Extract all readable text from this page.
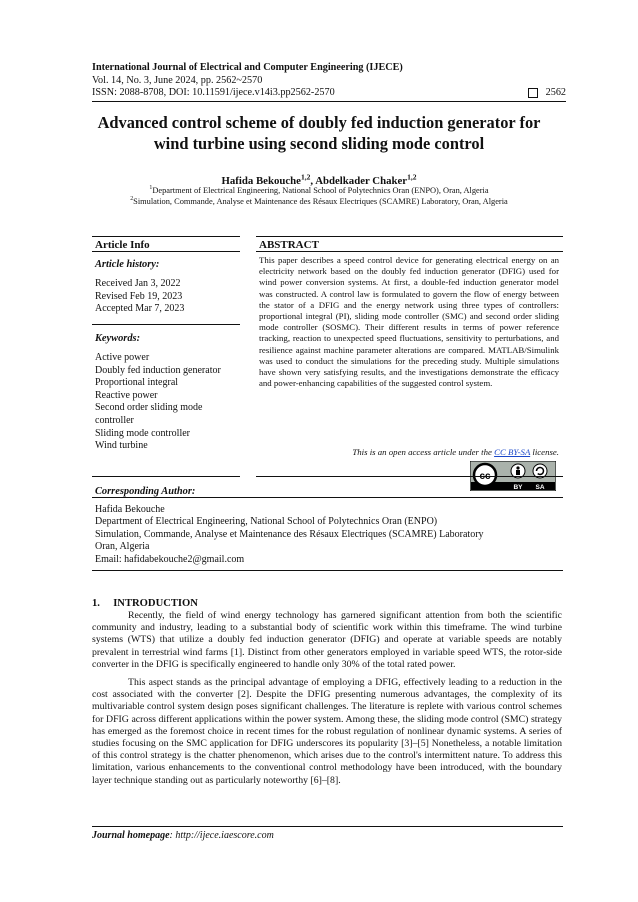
International Journal of Electrical and Computer Engineering (IJECE)
Vol. 14, No. 3, June 2024, pp. 2562~2570
ISSN: 2088-8708, DOI: 10.11591/ijece.v14i3.pp2562-2570	2562
Advanced control scheme of doubly fed induction generator for wind turbine using second sliding mode control
Hafida Bekouche$^{1,2}$, Abdelkader Chaker$^{1,2}$
$^1$Department of Electrical Engineering, National School of Polytechnics Oran (ENPO), Oran, Algeria
$^2$Simulation, Commande, Analyse et Maintenance des Résaux Electriques (SCAMRE) Laboratory, Oran, Algeria
Article Info	ABSTRACT
Article history:
Received Jan 3, 2022
Revised Feb 19, 2023
Accepted Mar 7, 2023
Keywords:
Active power
Doubly fed induction generator
Proportional integral
Reactive power
Second order sliding mode
controller
Sliding mode controller
Wind turbine
This paper describes a speed control device for generating electrical energy on an electricity network based on the doubly fed induction generator (DFIG) used for wind power conversion systems. At first, a double-fed induction generator model was constructed. A control law is formulated to govern the flow of energy between the stator of a DFIG and the energy network using three types of controllers: proportional integral (PI), sliding mode controller (SMC) and second order sliding mode controller (SOSMC). Their different results in terms of power reference tracking, reaction to unexpected speed fluctuations, sensitivity to perturbations, and resilience against machine parameter alterations are compared. MATLAB/Simulink was used to conduct the simulations for the preceding study. Multiple simulations have shown very satisfying results, and the investigations demonstrate the efficacy and power-enhancing capabilities of the suggested control system.
This is an open access article under the CC BY-SA license.
BY SA
Corresponding Author:
Hafida Bekouche
Department of Electrical Engineering, National School of Polytechnics Oran (ENPO)
Simulation, Commande, Analyse et Maintenance des Résaux Electriques (SCAMRE) Laboratory
Oran, Algeria
Email: hafidabekouche2@gmail.com
1.     INTRODUCTION

Recently, the field of wind energy technology has garnered significant attention from both the scientific community and industry, leading to a substantial body of scientific work within this timeframe. The wind turbine systems (WTS) that utilize a doubly fed induction generator (DFIG) and operate at variable speeds are notably prevalent in terrestrial wind farms [1]. Distinct from other generators employed in variable speed WTS, the rotor-side converter in the DFIG is specifically engineered to handle only 30% of the total rated power.

This aspect stands as the principal advantage of employing a DFIG, effectively leading to a reduction in the cost associated with the converter [2]. Despite the DFIG presenting numerous advantages, the complexity of its multivariable control system design poses significant challenges. The literature is replete with various control schemes for DFIG across different applications within the power system. Among these, the sliding mode control (SMC) strategy has emerged as the foremost choice in recent times for the robust regulation of nonlinear dynamic systems. A series of studies focusing on the SMC application for DFIG underscores its popularity [3]–[5] Nonetheless, a notable limitation of this control strategy is the chatter phenomenon, which arises due to the control's intermittent nature. To address this limitation, various enhancements to the conventional control methodology have been introduced, with the boundary layer technique standing out as particularly noteworthy [6]–[8].

Journal homepage: http://ijece.iaescore.com
